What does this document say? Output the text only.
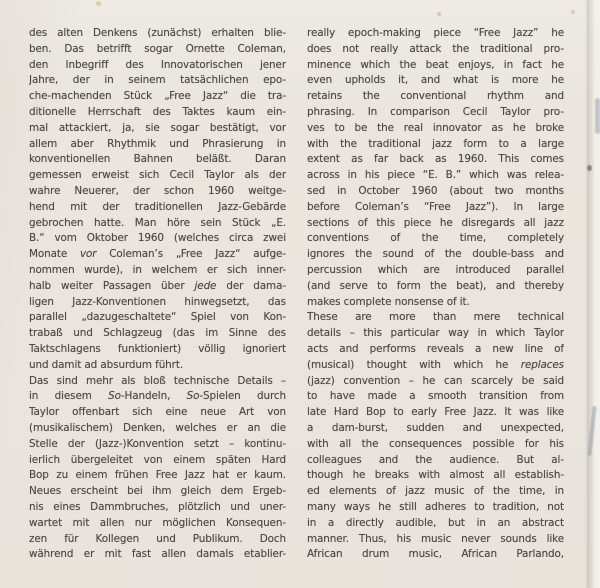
des alten Denkens (zunächst) erhalten blie-
ben. Das betrifft sogar Ornette Coleman,
den Inbegriff des Innovatorischen jener
Jahre, der in seinem tatsächlichen epo-
che-machenden Stück „Free Jazz“ die tra-
ditionelle Herrschaft des Taktes kaum ein-
mal attackiert, ja, sie sogar bestätigt, vor
allem aber Rhythmik und Phrasierung in
konventionellen Bahnen beläßt. Daran
gemessen erweist sich Cecil Taylor als der
wahre Neuerer, der schon 1960 weitge-
hend mit der traditionellen Jazz-Gebärde
gebrochen hatte. Man höre sein Stück „E.
B.“ vom Oktober 1960 (welches circa zwei
Monate vor Coleman’s „Free Jazz“ aufge-
nommen wurde), in welchem er sich inner-
halb weiter Passagen über jede der dama-
ligen Jazz-Konventionen hinwegsetzt, das
parallel „dazugeschaltete“ Spiel von Kon-
trabaß und Schlagzeug (das im Sinne des
Taktschlagens funktioniert) völlig ignoriert
und damit ad absurdum führt.
Das sind mehr als bloß technische Details –
in diesem So-Handeln, So-Spielen durch
Taylor offenbart sich eine neue Art von
(musikalischem) Denken, welches er an die
Stelle der (Jazz-)Konvention setzt – kontinu-
ierlich übergeleitet von einem späten Hard
Bop zu einem frühen Free Jazz hat er kaum.
Neues erscheint bei ihm gleich dem Ergeb-
nis eines Dammbruches, plötzlich und uner-
wartet mit allen nur möglichen Konsequen-
zen für Kollegen und Publikum. Doch
während er mit fast allen damals etablier-
really epoch-making piece “Free Jazz” he
does not really attack the traditional pro-
minence which the beat enjoys, in fact he
even upholds it, and what is more he
retains the conventional rhythm and
phrasing. In comparison Cecil Taylor pro-
ves to be the real innovator as he broke
with the traditional jazz form to a large
extent as far back as 1960. This comes
across in his piece “E. B.” which was relea-
sed in October 1960 (about two months
before Coleman’s “Free Jazz”). In large
sections of this piece he disregards all jazz
conventions of the time, completely
ignores the sound of the double-bass and
percussion which are introduced parallel
(and serve to form the beat), and thereby
makes complete nonsense of it.
These are more than mere technical
details – this particular way in which Taylor
acts and performs reveals a new line of
(musical) thought with which he replaces
(jazz) convention – he can scarcely be said
to have made a smooth transition from
late Hard Bop to early Free Jazz. It was like
a dam-burst, sudden and unexpected,
with all the consequences possible for his
colleagues and the audience. But al-
though he breaks with almost all establish-
ed elements of jazz music of the time, in
many ways he still adheres to tradition, not
in a directly audible, but in an abstract
manner. Thus, his music never sounds like
African drum music, African Parlando,
